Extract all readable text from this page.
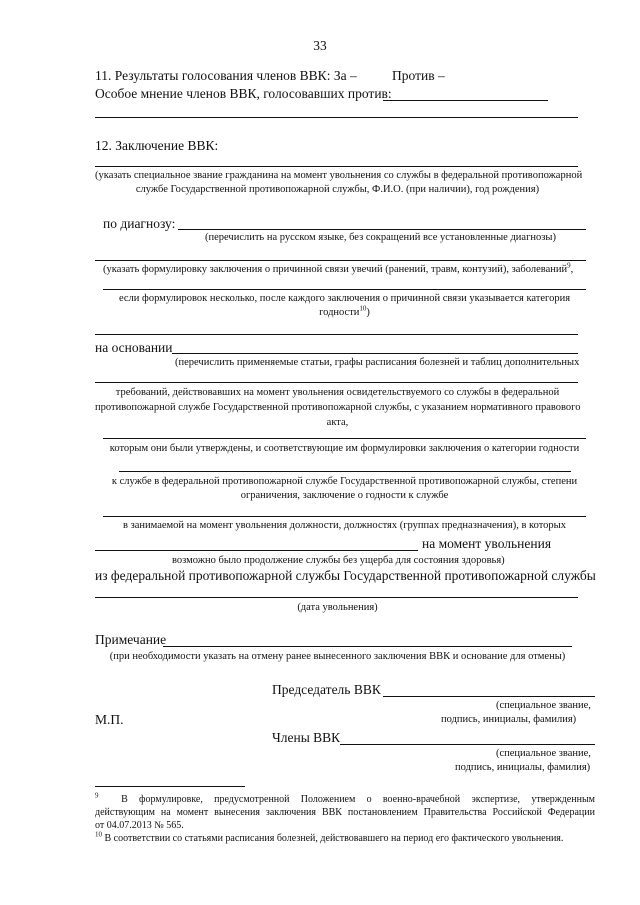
33
11. Результаты голосования членов ВВК: За –	Против –
Особое мнение членов ВВК, голосовавших против:
12. Заключение ВВК:
(указать специальное звание гражданина на момент увольнения со службы в федеральной противопожарной
службе Государственной противопожарной службы, Ф.И.О. (при наличии), год рождения)
по диагнозу:
(перечислить на русском языке, без сокращений все установленные диагнозы)
(указать формулировку заключения о причинной связи увечий (ранений, травм, контузий), заболеваний$^9$,
если формулировок несколько, после каждого заключения о причинной связи указывается категория
годности$^{10}$)
на основании
(перечислить применяемые статьи, графы расписания болезней и таблиц дополнительных
требований, действовавших на момент увольнения освидетельствуемого со службы в федеральной
противопожарной службе Государственной противопожарной службы, с указанием нормативного правового
акта,
которым они были утверждены, и соответствующие им формулировки заключения о категории годности
к службе в федеральной противопожарной службе Государственной противопожарной службы, степени
ограничения, заключение о годности к службе
в занимаемой на момент увольнения должности, должностях (группах предназначения), в которых
на момент увольнения
возможно было продолжение службы без ущерба для состояния здоровья)
из федеральной противопожарной службы Государственной противопожарной службы
(дата увольнения)
Примечание
(при необходимости указать на отмену ранее вынесенного заключения ВВК и основание для отмены)
Председатель ВВК
(специальное звание,
подпись, инициалы, фамилия)
М.П.
Члены ВВК
(специальное звание,
подпись, инициалы, фамилия)
$^9$ В формулировке, предусмотренной Положением о военно-врачебной экспертизе, утвержденным
действующим на момент вынесения заключения ВВК постановлением Правительства Российской Федерации
от 04.07.2013 № 565.
$^{10}$ В соответствии со статьями расписания болезней, действовавшего на период его фактического увольнения.
